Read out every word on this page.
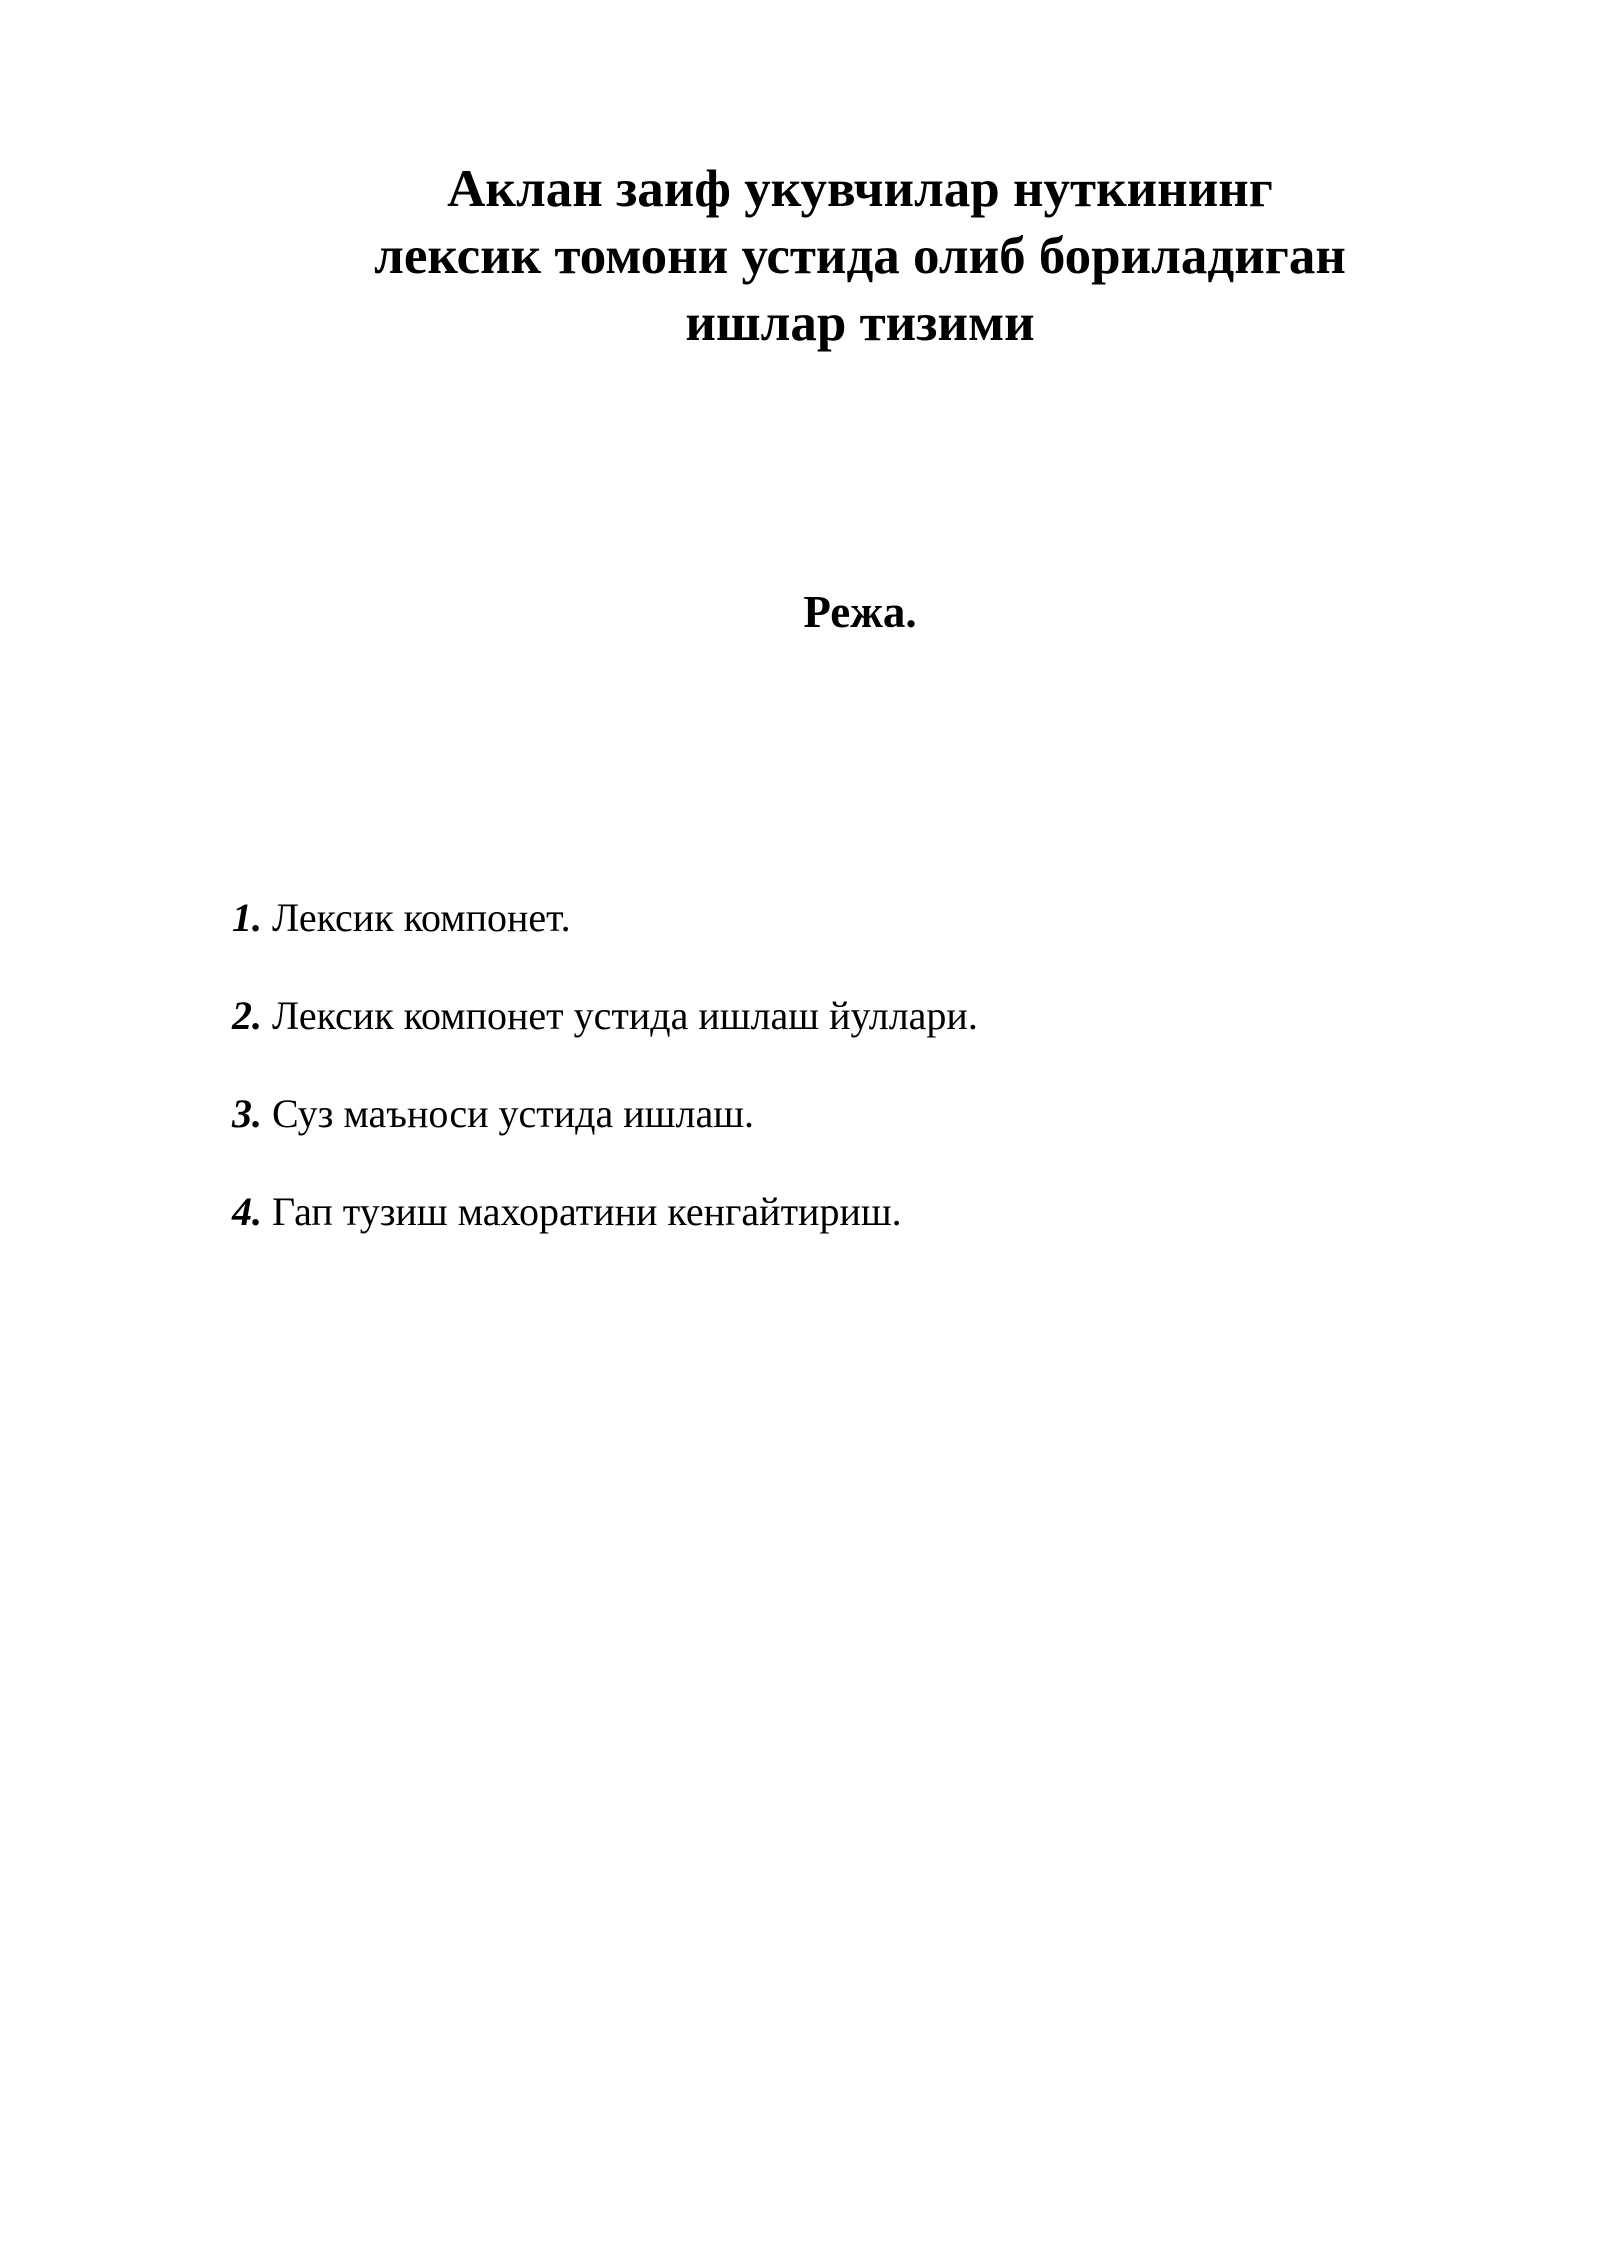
Аклан заиф укувчилар нуткининг
лексик томони устида олиб бориладиган
ишлар тизими
Режа.
1. Лексик компонет.
2. Лексик компонет устида ишлаш йуллари.
3. Суз маъноси устида ишлаш.
4. Гап тузиш махоратини кенгайтириш.
